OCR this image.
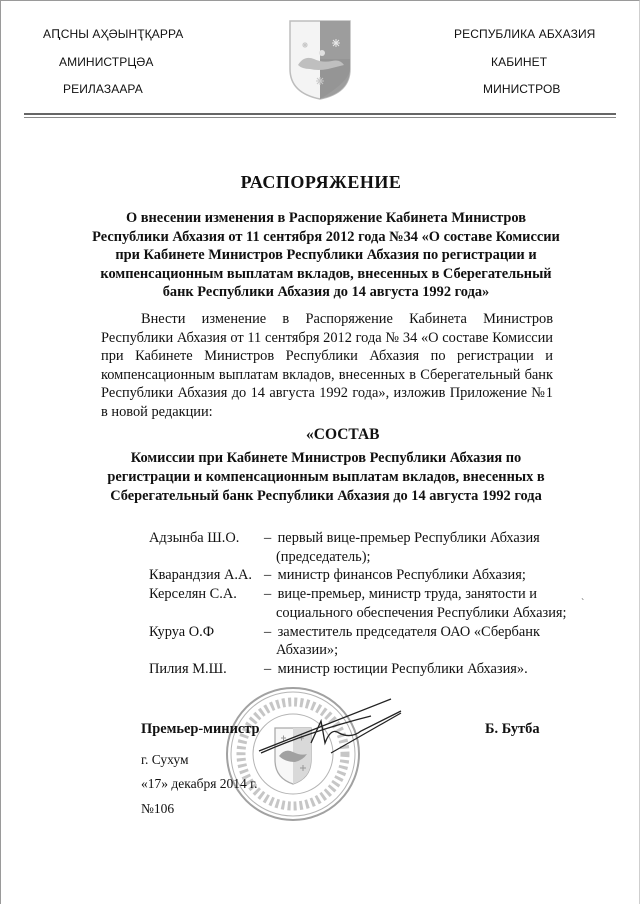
АԤСНЫ АҲӘЫНҬҚАРРА
АМИНИСТРЦӘА
РЕИЛАЗААРА
РЕСПУБЛИКА АБХАЗИЯ
КАБИНЕТ
МИНИСТРОВ
РАСПОРЯЖЕНИЕ
О внесении изменения в Распоряжение Кабинета Министров Республики Абхазия от 11 сентября 2012 года №34 «О составе Комиссии при Кабинете Министров Республики Абхазия по регистрации и компенсационным выплатам вкладов, внесенных в Сберегательный банк Республики Абхазия до 14 августа 1992 года»
Внести изменение в Распоряжение Кабинета Министров Республики Абхазия от 11 сентября 2012 года № 34 «О составе Комиссии при Кабинете Министров Республики Абхазия по регистрации и компенсационным выплатам вкладов, внесенных в Сберегательный банк Республики Абхазия до 14 августа 1992 года», изложив Приложение №1 в новой редакции:
«СОСТАВ
Комиссии при Кабинете Министров Республики Абхазия по регистрации и компенсационным выплатам вкладов, внесенных в Сберегательный банк Республики Абхазия до 14 августа 1992 года
Адзынба Ш.О.	– первый вице-премьер Республики Абхазия
(председатель);
Кварандзия А.А. – министр финансов Республики Абхазия;
Керселян С.А.	– вице-премьер, министр труда, занятости и
социального обеспечения Республики Абхазия;
Куруа О.Ф	– заместитель председателя ОАО «Сбербанк
Абхазии»;
Пилия М.Ш.	– министр юстиции Республики Абхазия».
`
Премьер-министр	Б. Бутба
г. Сухум
«17» декабря 2014 г.
№106
